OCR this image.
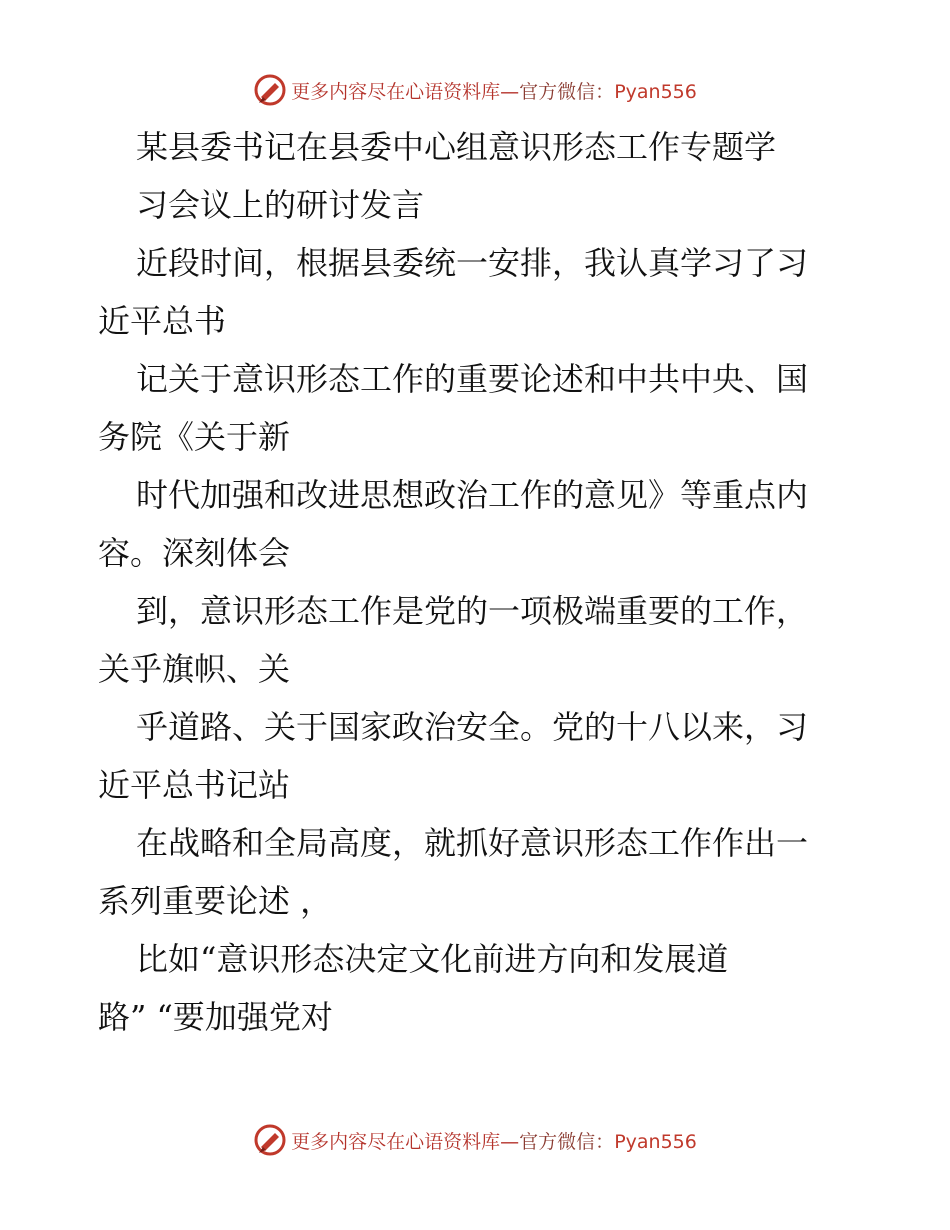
更多内容尽在心语资料库—官方微信：Pyan556
某县委书记在县委中心组意识形态工作专题学
习会议上的研讨发言
近段时间，根据县委统一安排，我认真学习了习
近平总书
记关于意识形态工作的重要论述和中共中央、国
务院《关于新
时代加强和改进思想政治工作的意见》等重点内
容。深刻体会
到，意识形态工作是党的一项极端重要的工作，
关乎旗帜、关
乎道路、关于国家政治安全。党的十八以来，习
近平总书记站
在战略和全局高度，就抓好意识形态工作作出一
系列重要论述 ，
比如“意识形态决定文化前进方向和发展道
路” “要加强党对
更多内容尽在心语资料库—官方微信：Pyan556
